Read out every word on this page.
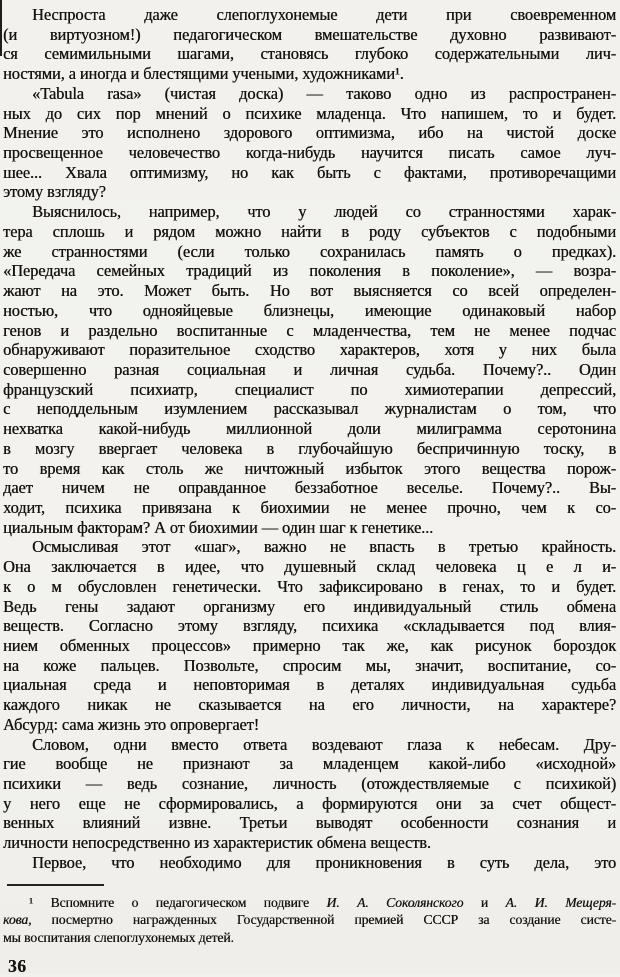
Неспроста даже слепоглухонемые дети при своевременном
(и виртуозном!) педагогическом вмешательстве духовно развивают-
ся семимильными шагами, становясь глубоко содержательными лич-
ностями, а иногда и блестящими учеными, художниками¹.
«Tabula rasa» (чистая доска) — таково одно из распространен-
ных до сих пор мнений о психике младенца. Что напишем, то и будет.
Мнение это исполнено здорового оптимизма, ибо на чистой доске
просвещенное человечество когда-нибудь научится писать самое луч-
шее... Хвала оптимизму, но как быть с фактами, противоречащими
этому взгляду?
Выяснилось, например, что у людей со странностями харак-
тера сплошь и рядом можно найти в роду субъектов с подобными
же странностями (если только сохранилась память о предках).
«Передача семейных традиций из поколения в поколение», — возра-
жают на это. Может быть. Но вот выясняется со всей определен-
ностью, что однояйцевые близнецы, имеющие одинаковый набор
генов и раздельно воспитанные с младенчества, тем не менее подчас
обнаруживают поразительное сходство характеров, хотя у них была
совершенно разная социальная и личная судьба. Почему?.. Один
французский психиатр, специалист по химиотерапии депрессий,
с неподдельным изумлением рассказывал журналистам о том, что
нехватка какой-нибудь миллионной доли милиграмма серотонина
в мозгу ввергает человека в глубочайшую беспричинную тоску, в
то время как столь же ничтожный избыток этого вещества порож-
дает ничем не оправданное беззаботное веселье. Почему?.. Вы-
ходит, психика привязана к биохимии не менее прочно, чем к со-
циальным факторам? А от биохимии — один шаг к генетике...
Осмысливая этот «шаг», важно не впасть в третью крайность.
Она заключается в идее, что душевный склад человека ц е л и-
к о м обусловлен генетически. Что зафиксировано в генах, то и будет.
Ведь гены задают организму его индивидуальный стиль обмена
веществ. Согласно этому взгляду, психика «складывается под влия-
нием обменных процессов» примерно так же, как рисунок бороздок
на коже пальцев. Позвольте, спросим мы, значит, воспитание, со-
циальная среда и неповторимая в деталях индивидуальная судьба
каждого никак не сказывается на его личности, на характере?
Абсурд: сама жизнь это опровергает!
Словом, одни вместо ответа воздевают глаза к небесам. Дру-
гие вообще не признают за младенцем какой-либо «исходной»
психики — ведь сознание, личность (отождествляемые с психикой)
у него еще не сформировались, а формируются они за счет общест-
венных влияний извне. Третьи выводят особенности сознания и
личности непосредственно из характеристик обмена веществ.
Первое, что необходимо для проникновения в суть дела, это
¹ Вспомните о педагогическом подвиге И. А. Соколянского и А. И. Мещеря-
кова, посмертно награжденных Государственной премией СССР за создание систе-
мы воспитания слепоглухонемых детей.
36
